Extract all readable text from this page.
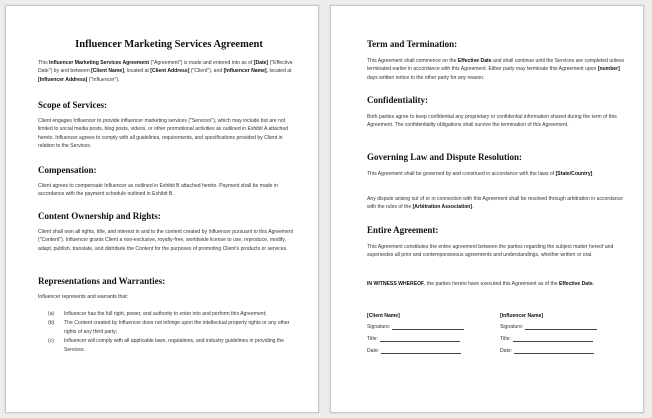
Influencer Marketing Services Agreement
This Influencer Marketing Services Agreement ("Agreement") is made and entered into as of [Date] ("Effective Date") by and between [Client Name], located at [Client Address] ("Client"), and [Influencer Name], located at [Influencer Address] ("Influencer").
Scope of Services:
Client engages Influencer to provide influencer marketing services ("Services"), which may include but are not limited to social media posts, blog posts, videos, or other promotional activities as outlined in Exhibit A attached hereto. Influencer agrees to comply with all guidelines, requirements, and specifications provided by Client in relation to the Services.
Compensation:
Client agrees to compensate Influencer as outlined in Exhibit B attached hereto. Payment shall be made in accordance with the payment schedule outlined in Exhibit B.
Content Ownership and Rights:
Client shall own all rights, title, and interest in and to the content created by Influencer pursuant to this Agreement ("Content"). Influencer grants Client a non-exclusive, royalty-free, worldwide license to use, reproduce, modify, adapt, publish, translate, and distribute the Content for the purposes of promoting Client's products or services.
Representations and Warranties:
Influencer represents and warrants that:
(a) Influencer has the full right, power, and authority to enter into and perform this Agreement;
(b) The Content created by Influencer does not infringe upon the intellectual property rights or any other rights of any third party;
(c) Influencer will comply with all applicable laws, regulations, and industry guidelines in providing the Services.
Term and Termination:
This Agreement shall commence on the Effective Date and shall continue until the Services are completed unless terminated earlier in accordance with this Agreement. Either party may terminate this Agreement upon [number] days written notice to the other party for any reason.
Confidentiality:
Both parties agree to keep confidential any proprietary or confidential information shared during the term of this Agreement. The confidentiality obligations shall survive the termination of this Agreement.
Governing Law and Dispute Resolution:
This Agreement shall be governed by and construed in accordance with the laws of [State/Country].
Any dispute arising out of or in connection with this Agreement shall be resolved through arbitration in accordance with the rules of the [Arbitration Association].
Entire Agreement:
This Agreement constitutes the entire agreement between the parties regarding the subject matter hereof and supersedes all prior and contemporaneous agreements and understandings, whether written or oral.
IN WITNESS WHEREOF, the parties hereto have executed this Agreement as of the Effective Date.
[Client Name]
Signature:
Title:
Date:
[Influencer Name]
Signature:
Title:
Date:
